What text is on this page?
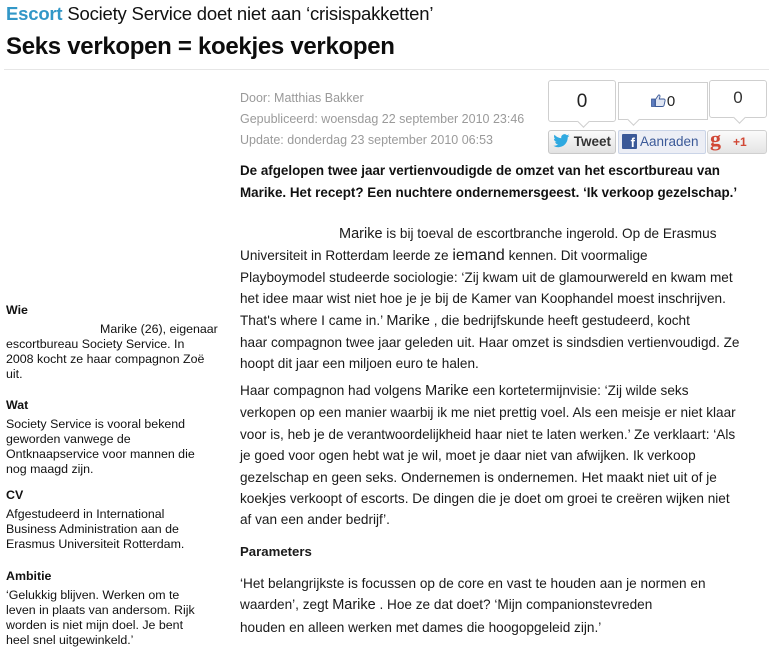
Escort Society Service doet niet aan ‘crisispakketten’
Seks verkopen = koekjes verkopen
Door: Matthias Bakker
Gepubliceerd: woensdag 22 september 2010 23:46
Update: donderdag 23 september 2010 06:53
0	0	0
Tweet	f Aanraden g +1
De afgelopen twee jaar vertienvoudigde de omzet van het escortbureau van
Marike. Het recept? Een nuchtere ondernemersgeest. ‘Ik verkoop gezelschap.’
Marike is bij toeval de escortbranche ingerold. Op de Erasmus
Universiteit in Rotterdam leerde ze iemand kennen. Dit voormalige
Playboymodel studeerde sociologie: ‘Zij kwam uit de glamourwereld en kwam met
het idee maar wist niet hoe je je bij de Kamer van Koophandel moest inschrijven.
That's where I came in.’ Marike , die bedrijfskunde heeft gestudeerd, kocht
haar compagnon twee jaar geleden uit. Haar omzet is sindsdien vertienvoudigd. Ze
hoopt dit jaar een miljoen euro te halen.
Haar compagnon had volgens Marike een kortetermijnvisie: ‘Zij wilde seks
verkopen op een manier waarbij ik me niet prettig voel. Als een meisje er niet klaar
voor is, heb je de verantwoordelijkheid haar niet te laten werken.’ Ze verklaart: ‘Als
je goed voor ogen hebt wat je wil, moet je daar niet van afwijken. Ik verkoop
gezelschap en geen seks. Ondernemen is ondernemen. Het maakt niet uit of je
koekjes verkoopt of escorts. De dingen die je doet om groei te creëren wijken niet
af van een ander bedrijf’.
Parameters
‘Het belangrijkste is focussen op de core en vast te houden aan je normen en
waarden’, zegt Marike . Hoe ze dat doet? ‘Mijn companionstevreden
houden en alleen werken met dames die hoogopgeleid zijn.’
Wie
Marike (26), eigenaar
escortbureau Society Service. In
2008 kocht ze haar compagnon Zoë
uit.
Wat
Society Service is vooral bekend
geworden vanwege de
Ontknaapservice voor mannen die
nog maagd zijn.
CV
Afgestudeerd in International
Business Administration aan de
Erasmus Universiteit Rotterdam.
Ambitie
‘Gelukkig blijven. Werken om te
leven in plaats van andersom. Rijk
worden is niet mijn doel. Je bent
heel snel uitgewinkeld.’
